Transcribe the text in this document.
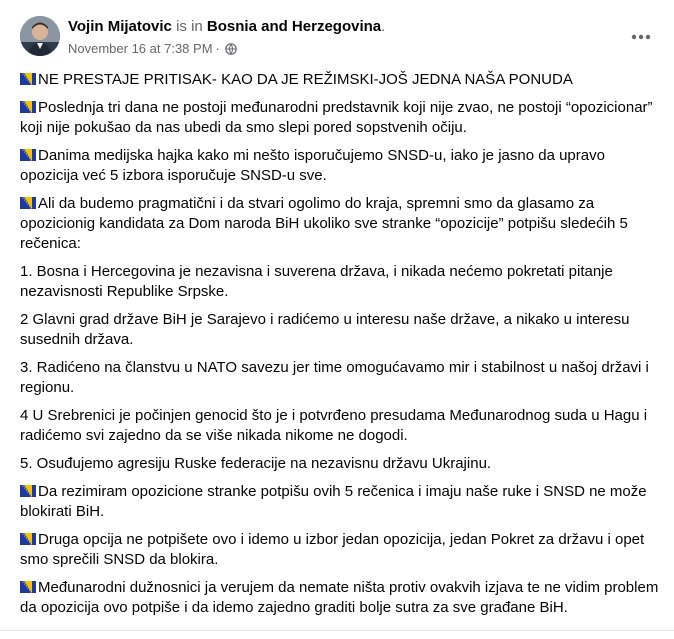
Vojin Mijatovic is in Bosnia and Herzegovina.
November 16 at 7:38 PM ·

NE PRESTAJE PRITISAK- KAO DA JE REŽIMSKI-JOŠ JEDNA NAŠA PONUDA

Poslednja tri dana ne postoji međunarodni predstavnik koji nije zvao, ne postoji “opozicionar” koji nije pokušao da nas ubedi da smo slepi pored sopstvenih očiju.

Danima medijska hajka kako mi nešto isporučujemo SNSD-u, iako je jasno da upravo opozicija već 5 izbora isporučuje SNSD-u sve.

Ali da budemo pragmatični i da stvari ogolimo do kraja, spremni smo da glasamo za opozicionig kandidata za Dom naroda BiH ukoliko sve stranke “opozicije” potpišu sledećih 5 rečenica:

1. Bosna i Hercegovina je nezavisna i suverena država, i nikada nećemo pokretati pitanje nezavisnosti Republike Srpske.

2 Glavni grad države BiH je Sarajevo i radićemo u interesu naše države, a nikako u interesu susednih država.

3. Radićeno na članstvu u NATO savezu jer time omogućavamo mir i stabilnost u našoj državi i regionu.

4 U Srebrenici je počinjen genocid što je i potvrđeno presudama Međunarodnog suda u Hagu i radićemo svi zajedno da se više nikada nikome ne dogodi.

5. Osuđujemo agresiju Ruske federacije na nezavisnu državu Ukrajinu.

Da rezimiram opozicione stranke potpišu ovih 5 rečenica i imaju naše ruke i SNSD ne može blokirati BiH.

Druga opcija ne potpišete ovo i idemo u izbor jedan opozicija, jedan Pokret za državu i opet smo sprečili SNSD da blokira.

Međunarodni dužnosnici ja verujem da nemate ništa protiv ovakvih izjava te ne vidim problem da opozicija ovo potpiše i da idemo zajedno graditi bolje sutra za sve građane BiH.
